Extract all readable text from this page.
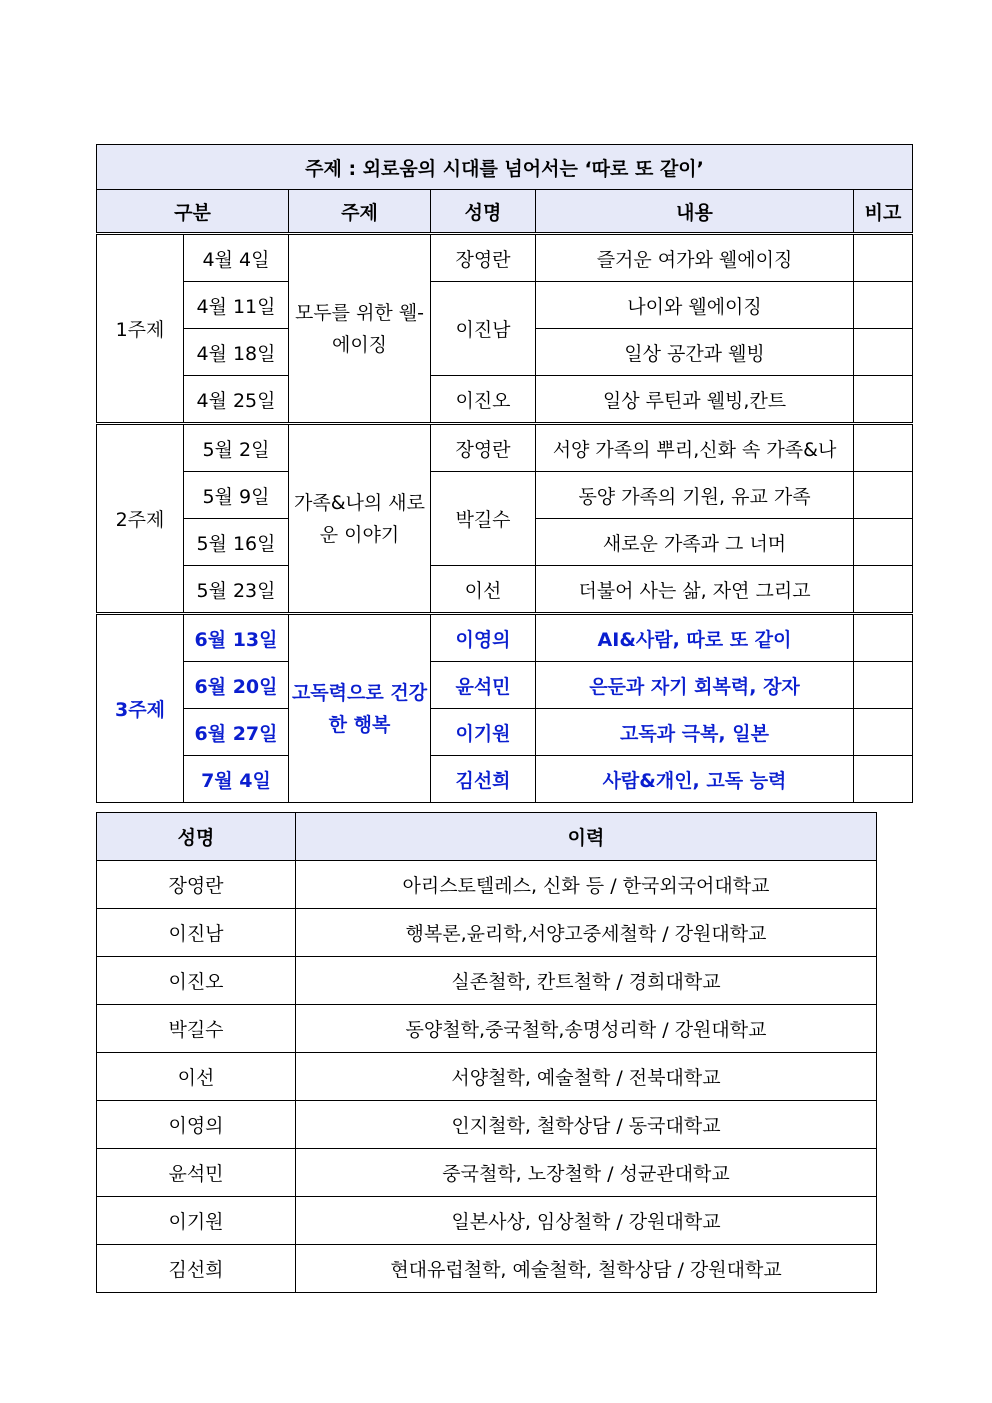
주제 : 외로움의 시대를 넘어서는 ‘따로 또 같이’					
구분		주제	성명	내용	비고
1주제	4월 4일	모두를 위한 웰-에이징	장영란	즐거운 여가와 웰에이징	
	4월 11일		이진남	나이와 웰에이징	
	4월 18일			일상 공간과 웰빙	
	4월 25일		이진오	일상 루틴과 웰빙,칸트	
2주제	5월 2일	가족&나의 새로운 이야기	장영란	서양 가족의 뿌리,신화 속 가족&나	
	5월 9일		박길수	동양 가족의 기원, 유교 가족	
	5월 16일			새로운 가족과 그 너머	
	5월 23일		이선	더불어 사는 삶, 자연 그리고	
3주제	6월 13일	고독력으로 건강한 행복	이영의	AI&사람, 따로 또 같이	
	6월 20일		윤석민	은둔과 자기 회복력, 장자	
	6월 27일		이기원	고독과 극복, 일본	
	7월 4일		김선희	사람&개인, 고독 능력	
성명	이력
장영란	아리스토텔레스, 신화 등 / 한국외국어대학교
이진남	행복론,윤리학,서양고중세철학 / 강원대학교
이진오	실존철학, 칸트철학 / 경희대학교
박길수	동양철학,중국철학,송명성리학 / 강원대학교
이선	서양철학, 예술철학 / 전북대학교
이영의	인지철학, 철학상담 / 동국대학교
윤석민	중국철학, 노장철학 / 성균관대학교
이기원	일본사상, 임상철학 / 강원대학교
김선희	현대유럽철학, 예술철학, 철학상담 / 강원대학교
